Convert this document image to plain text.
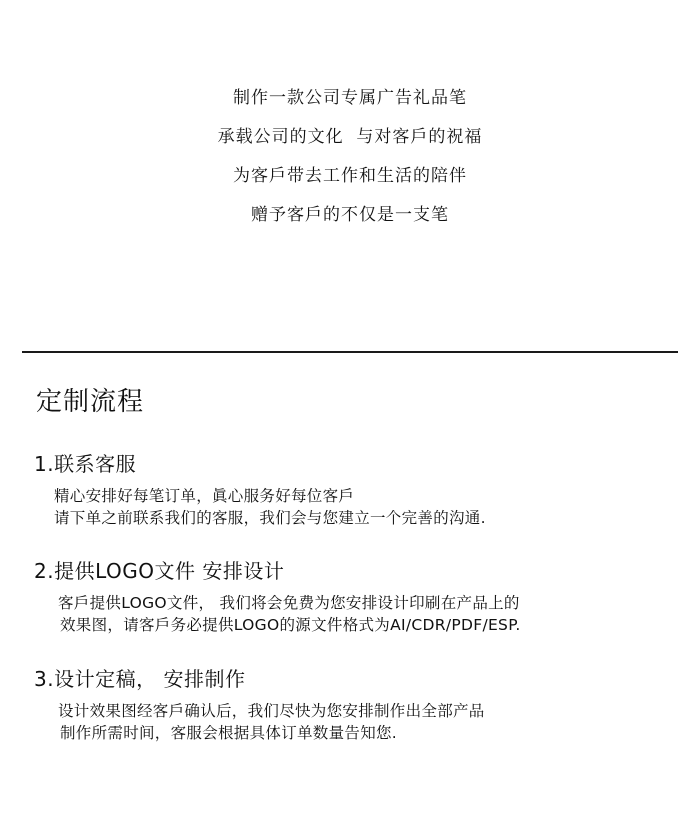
制作一款公司专属广告礼品笔
承载公司的文化  与对客戶的祝福
为客戶带去工作和生活的陪伴
赠予客戶的不仅是一支笔
定制流程
1.联系客服
精心安排好每笔订单，眞心服务好每位客戶
请下单之前联系我们的客服，我们会与您建立一个完善的沟通.
2.提供LOGO文件 安排设计
客戶提供LOGO文件， 我们将会免费为您安排设计印刷在产品上的
效果图，请客戶务必提供LOGO的源文件格式为AI/CDR/PDF/ESP.
3.设计定稿， 安排制作
设计效果图经客戶确认后，我们尽快为您安排制作出全部产品
制作所需时间，客服会根据具体订单数量告知您.
